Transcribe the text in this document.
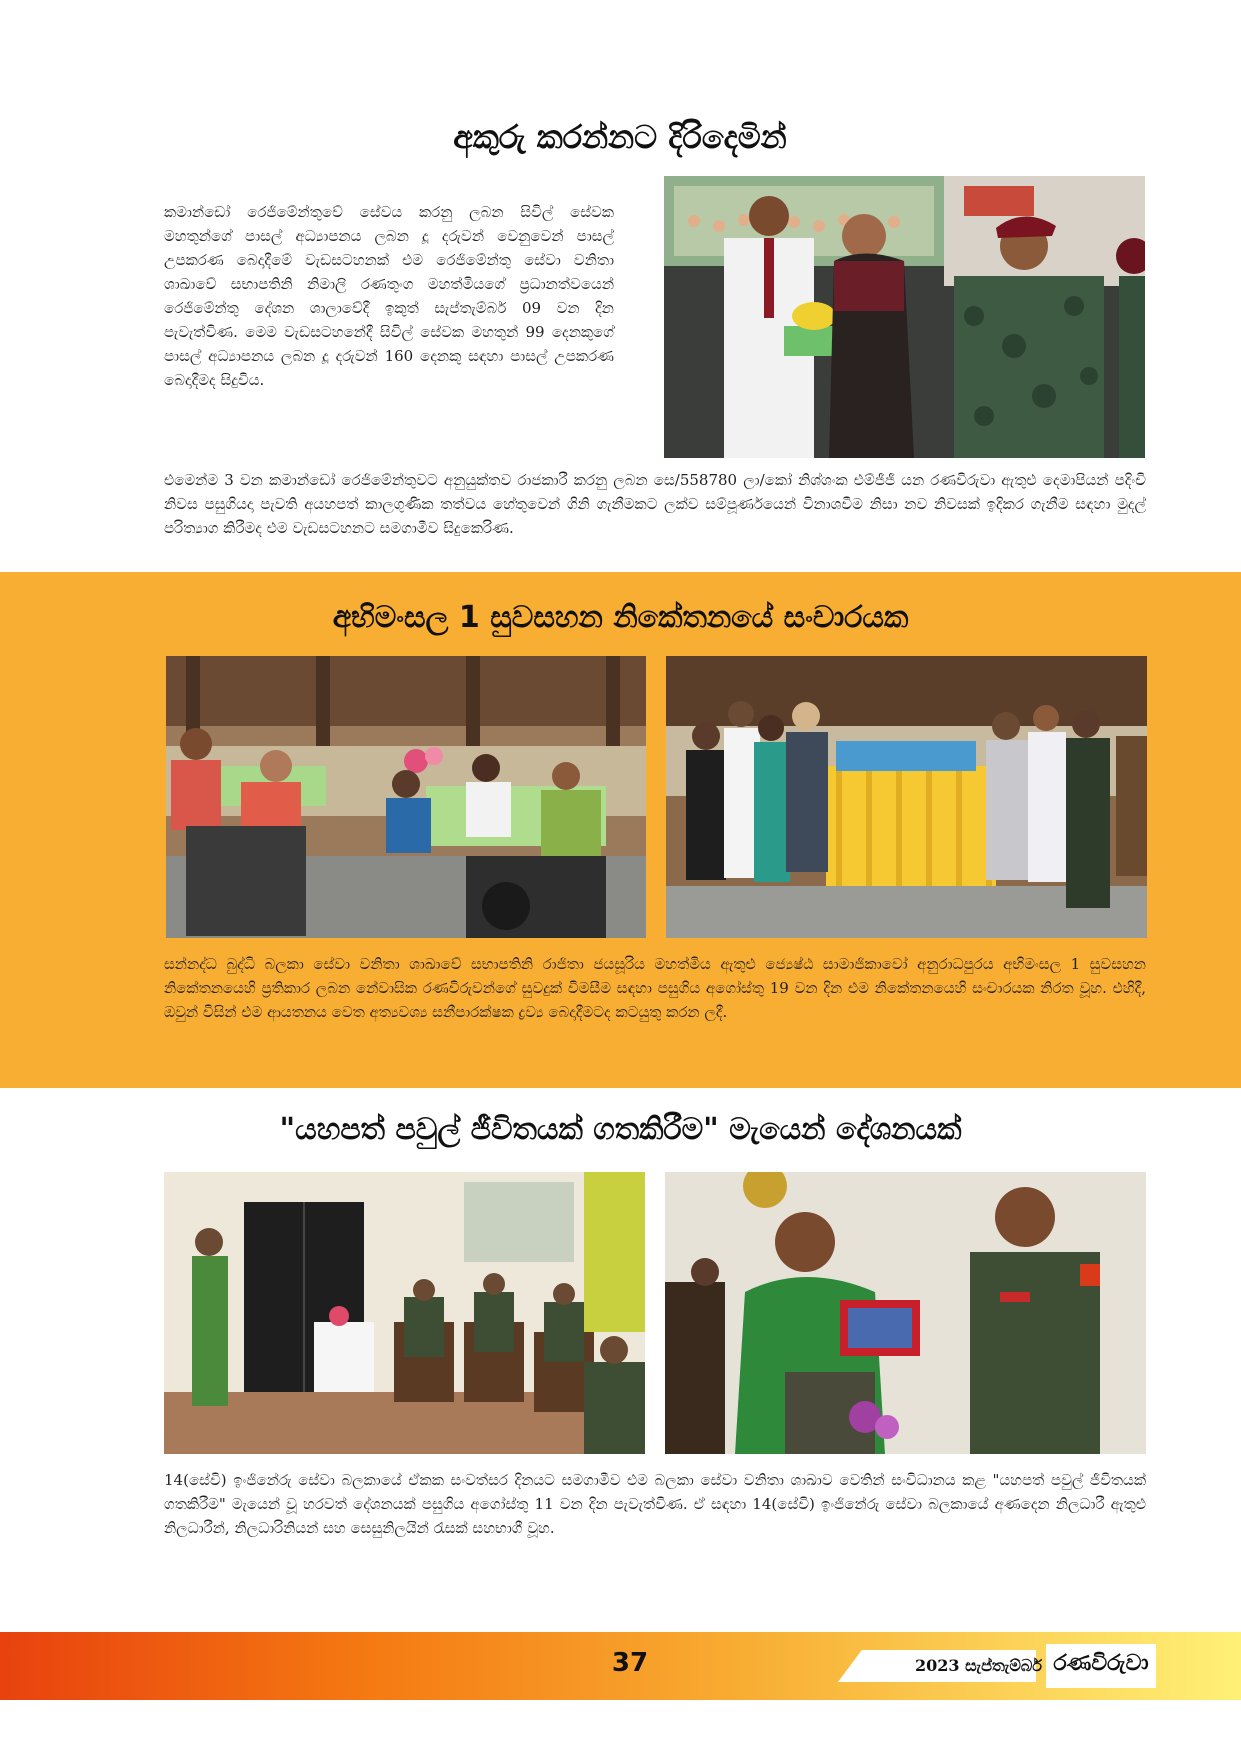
අකුරු කරන්නට දිරිදෙමින්
කමාන්ඩෝ රෙජිමේන්තුවේ සේවය කරනු ලබන සිවිල් සේවක මහතුන්ගේ පාසල් අධ්‍යාපනය ලබන දූ දරුවන් වෙනුවෙන් පාසල් උපකරණ බෙදාදීමේ වැඩසටහනක් එම රෙජිමේන්තු සේවා වනිතා ශාඛාවේ සභාපතිනි නිමාලි රණතුංග මහත්මියගේ ප්‍රධානත්වයෙන් රෙජිමේන්තු දේශන ශාලාවේදී ඉකුත් සැප්තැම්බර් 09 වන දින පැවැත්විණ. මෙම වැඩසටහනේදී සිවිල් සේවක මහතුන් 99 දෙනකුගේ පාසල් අධ්‍යාපනය ලබන දූ දරුවන් 160 දෙනකු සඳහා පාසල් උපකරණ බෙදාදීමද සිදුවිය.
එමෙන්ම 3 වන කමාන්ඩෝ රෙජිමේන්තුවට අනුයුක්තව රාජකාරී කරනු ලබන සෙ/558780 ලා/කෝ නිශ්ශංක එම්ජීජී යන රණවිරුවා ඇතුළු දෙමාපියන් පදිංචි නිවස පසුගියදා පැවති අයහපත් කාලගුණික තත්වය හේතුවෙන් ගිනි ගැනීමකට ලක්ව සම්පූර්ණයෙන් විනාශවීම නිසා නව නිවසක් ඉදිකර ගැනීම සඳහා මුදල් පරිත්‍යාග කිරීමද එම වැඩසටහනට සමගාමීව සිදුකෙරිණ.
අභිමංසල 1 සුවසහන නිකේතනයේ සංචාරයක
සන්නද්ධ බුද්ධි බලකා සේවා වනිතා ශාඛාවේ සභාපතිනි රාජිතා ජයසූරිය මහත්මිය ඇතුළු ජ්‍යෙෂ්ඨ සාමාජිකාවෝ අනුරාධපුරය අභිමංසල 1 සුවසහන නිකේතනයෙහි ප්‍රතිකාර ලබන නේවාසික රණවිරුවන්ගේ සුවදුක් විමසීම සඳහා පසුගිය අගෝස්තු 19 වන දින එම නිකේතනයෙහි සංචාරයක නිරත වූහ. එහිදී, ඔවුන් විසින් එම ආයතනය වෙත අත්‍යවශ්‍ය සනීපාරක්ෂක ද්‍රව්‍ය බෙදාදීමටද කටයුතු කරන ලදී.
"යහපත් පවුල් ජීවිතයක් ගතකිරීම" මැයෙන් දේශනයක්
14(සේවි) ඉංජිනේරු සේවා බලකායේ ඒකක සංවත්සර දිනයට සමගාමීව එම බලකා සේවා වනිතා ශාඛාව වෙතින් සංවිධානය කළ "යහපත් පවුල් ජීවිතයක් ගතකිරීම" මැයෙන් වූ හරවත් දේශනයක් පසුගිය අගෝස්තු 11 වන දින පැවැත්විණ. ඒ සඳහා 14(සේවි) ඉංජිනේරු සේවා බලකායේ අණදෙන නිලධාරී ඇතුළු නිලධාරීන්, නිලධාරිනියන් සහ සෙසුනිලයින් රැසක් සහභාගී වූහ.
37	2023 සැප්තැම්බර් රණවිරුවා
